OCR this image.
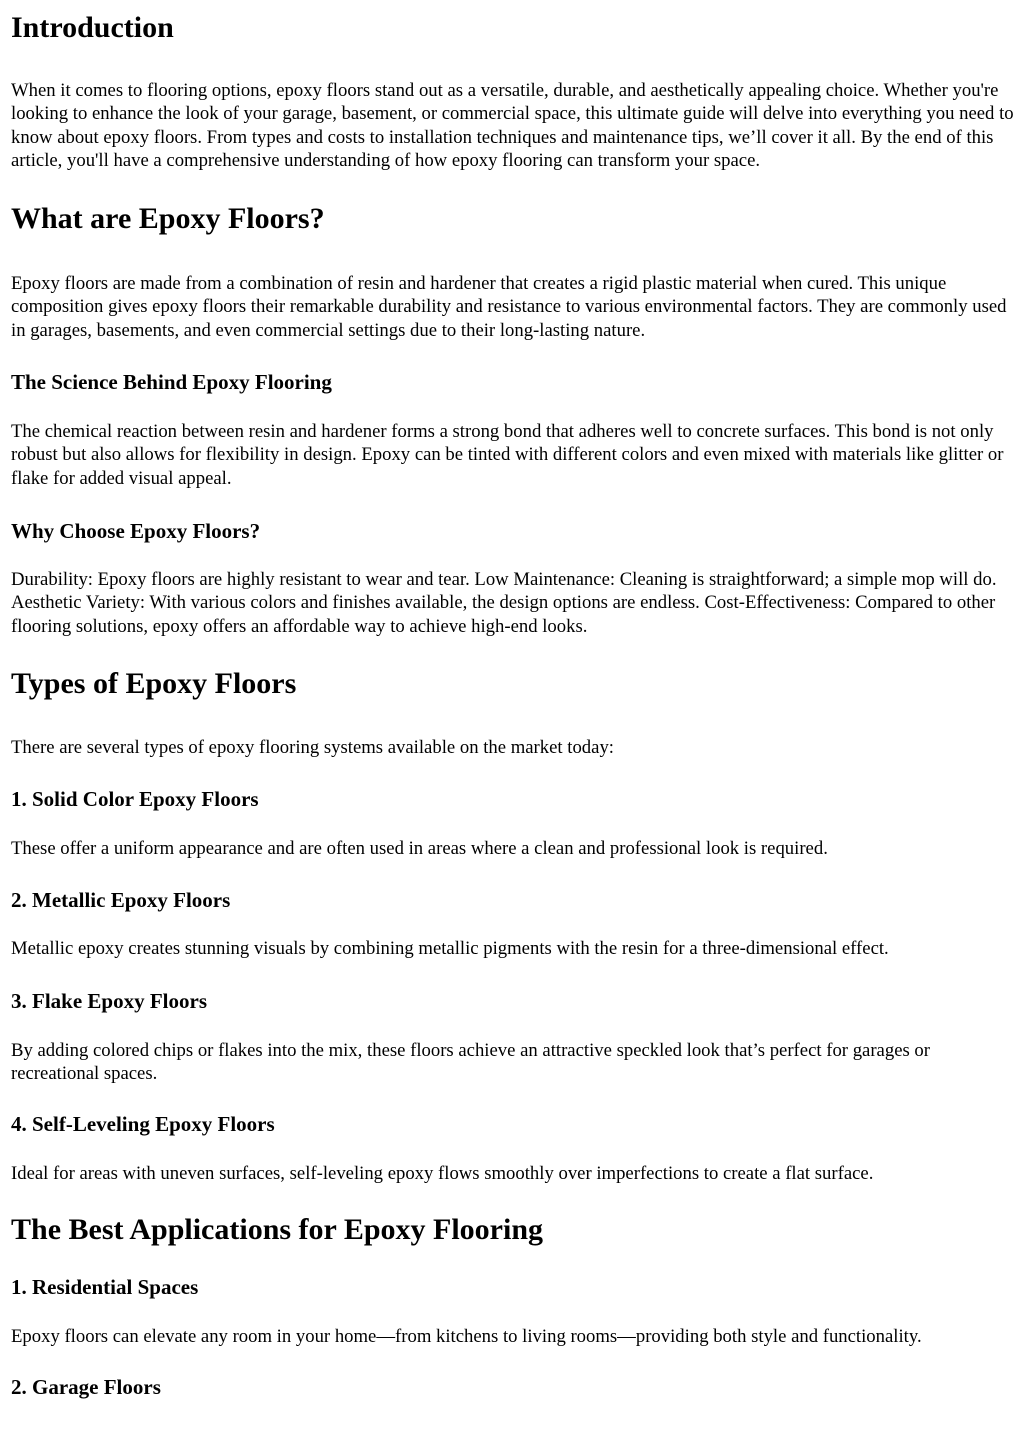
Introduction

When it comes to flooring options, epoxy floors stand out as a versatile, durable, and aesthetically appealing choice. Whether you're looking to enhance the look of your garage, basement, or commercial space, this ultimate guide will delve into everything you need to know about epoxy floors. From types and costs to installation techniques and maintenance tips, we’ll cover it all. By the end of this article, you'll have a comprehensive understanding of how epoxy flooring can transform your space.

What are Epoxy Floors?

Epoxy floors are made from a combination of resin and hardener that creates a rigid plastic material when cured. This unique composition gives epoxy floors their remarkable durability and resistance to various environmental factors. They are commonly used in garages, basements, and even commercial settings due to their long-lasting nature.

The Science Behind Epoxy Flooring

The chemical reaction between resin and hardener forms a strong bond that adheres well to concrete surfaces. This bond is not only robust but also allows for flexibility in design. Epoxy can be tinted with different colors and even mixed with materials like glitter or flake for added visual appeal.

Why Choose Epoxy Floors?

Durability: Epoxy floors are highly resistant to wear and tear. Low Maintenance: Cleaning is straightforward; a simple mop will do. Aesthetic Variety: With various colors and finishes available, the design options are endless. Cost-Effectiveness: Compared to other flooring solutions, epoxy offers an affordable way to achieve high-end looks.

Types of Epoxy Floors

There are several types of epoxy flooring systems available on the market today:

1. Solid Color Epoxy Floors

These offer a uniform appearance and are often used in areas where a clean and professional look is required.

2. Metallic Epoxy Floors

Metallic epoxy creates stunning visuals by combining metallic pigments with the resin for a three-dimensional effect.

3. Flake Epoxy Floors

By adding colored chips or flakes into the mix, these floors achieve an attractive speckled look that’s perfect for garages or recreational spaces.

4. Self-Leveling Epoxy Floors

Ideal for areas with uneven surfaces, self-leveling epoxy flows smoothly over imperfections to create a flat surface.

The Best Applications for Epoxy Flooring
1. Residential Spaces

Epoxy floors can elevate any room in your home—from kitchens to living rooms—providing both style and functionality.

2. Garage Floors
